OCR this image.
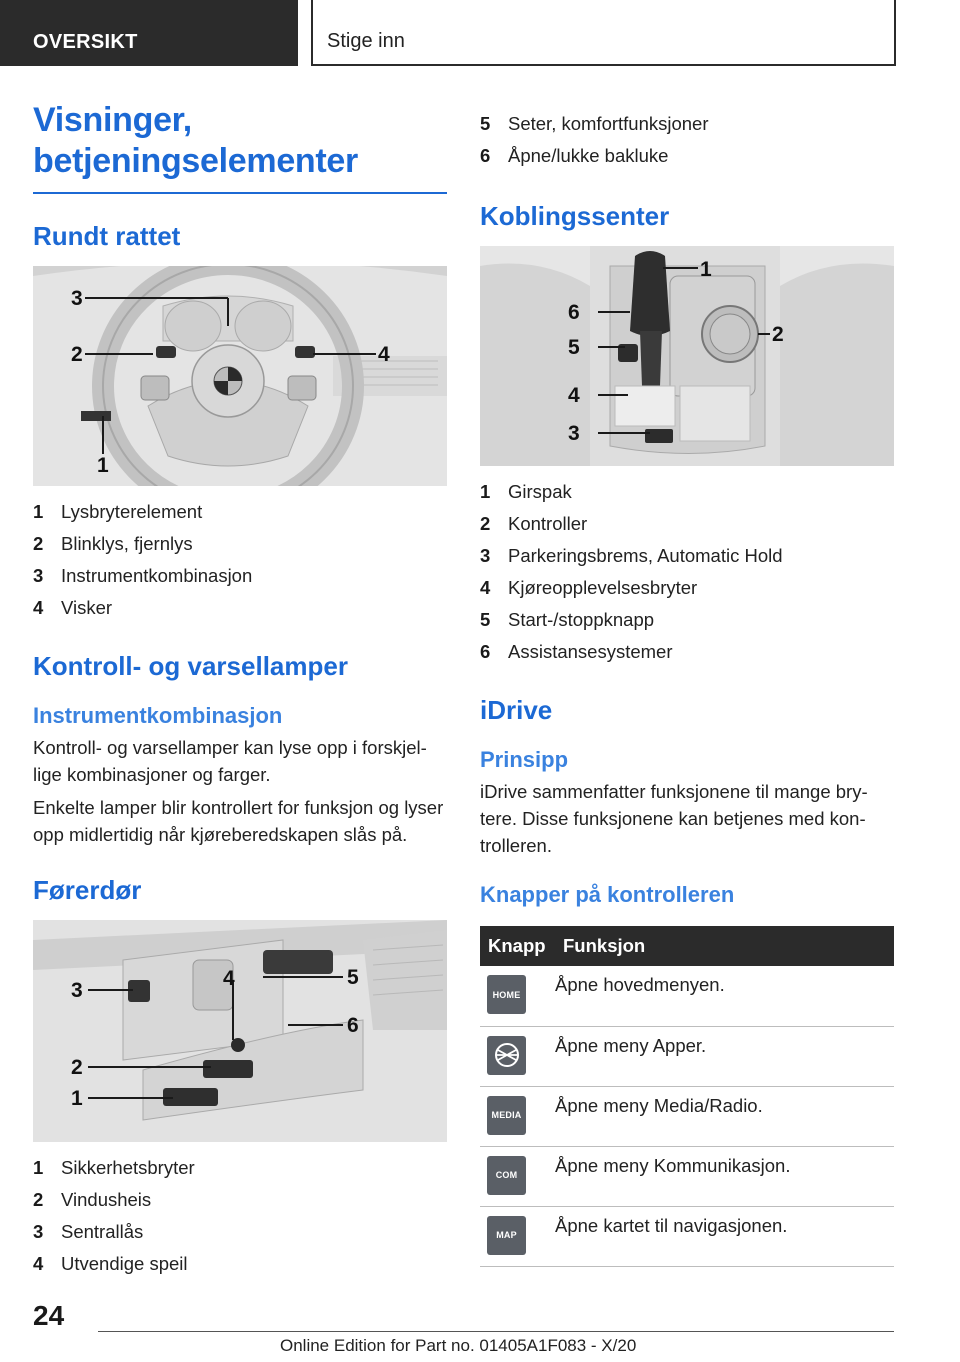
OVERSIKT	Stige inn
Visninger,
betjeningselementer
Rundt rattet
3
2	4
1
1 Lysbryterelement
2 Blinklys, fjernlys
3 Instrumentkombinasjon
4 Visker
Kontroll- og varsellamper
Instrumentkombinasjon

Kontroll- og varsellamper kan lyse opp i forskjellige kombinasjoner og farger.

Enkelte lamper blir kontrollert for funksjon og lyser opp midlertidig når kjøreberedskapen slås på.

Førerdør
3
4	5
6
2
1
1 Sikkerhetsbryter
2 Vindusheis
3 Sentrallås
4 Utvendige speil
5 Seter, komfortfunksjoner
6 Åpne/lukke bakluke
Koblingssenter
1
6
5
2
4
3
1 Girspak
2 Kontroller
3 Parkeringsbrems, Automatic Hold
4 Kjøreopplevelsesbryter
5 Start-/stoppknapp
6 Assistansesystemer
iDrive
Prinsipp

iDrive sammenfatter funksjonene til mange brytere. Disse funksjonene kan betjenes med kontrolleren.

Knapper på kontrolleren
Knapp	Funksjon

HOME	Åpne hovedmenyen.

	Åpne meny Apper.

MEDIA	Åpne meny Media/Radio.

COM	Åpne meny Kommunikasjon.

MAP	Åpne kartet til navigasjonen.
24
Online Edition for Part no. 01405A1F083 - X/20
